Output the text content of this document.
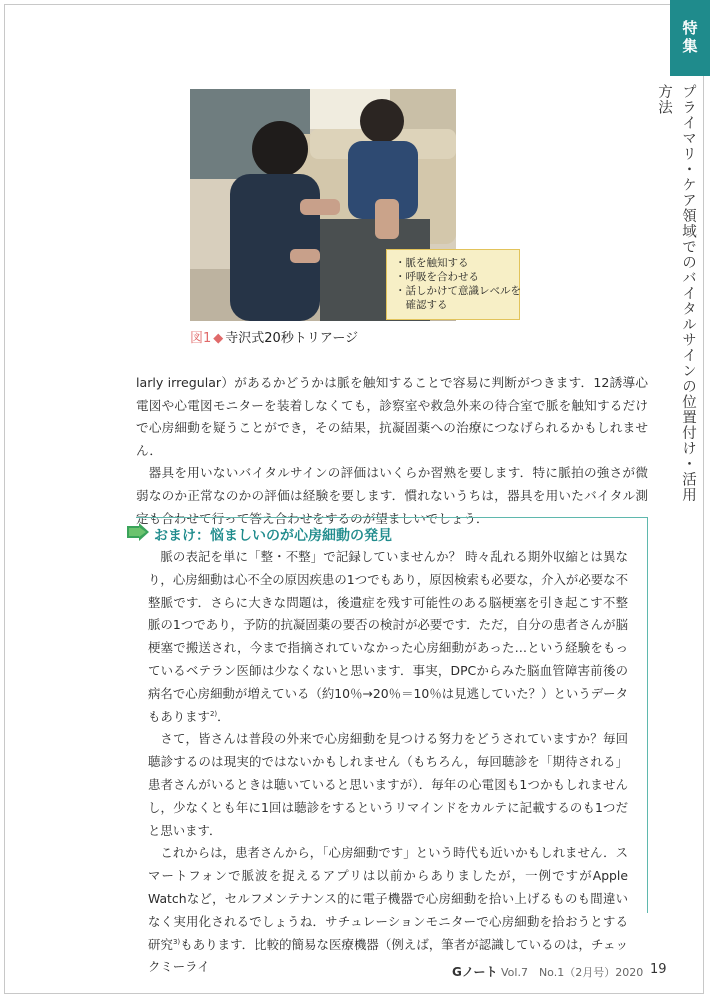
特集
プライマリ・ケア領域でのバイタルサインの位置付け・活用方法
・脈を触知する
・呼吸を合わせる
・話しかけて意識レベルを
　確認する
図1 ◆ 寺沢式20秒トリアージ

larly irregular）があるかどうかは脈を触知することで容易に判断がつきます．12誘導心電図や心電図モニターを装着しなくても，診察室や救急外来の待合室で脈を触知するだけで心房細動を疑うことができ，その結果，抗凝固薬への治療につなげられるかもしれません．

器具を用いないバイタルサインの評価はいくらか習熟を要します．特に脈拍の強さが微弱なのか正常なのかの評価は経験を要します．慣れないうちは，器具を用いたバイタル測定も合わせて行って答え合わせをするのが望ましいでしょう．

おまけ：悩ましいのが心房細動の発見

脈の表記を単に「整・不整」で記録していませんか？ 時々乱れる期外収縮とは異なり，心房細動は心不全の原因疾患の1つでもあり，原因検索も必要な，介入が必要な不整脈です．さらに大きな問題は，後遺症を残す可能性のある脳梗塞を引き起こす不整脈の1つであり，予防的抗凝固薬の要否の検討が必要です．ただ，自分の患者さんが脳梗塞で搬送され，今まで指摘されていなかった心房細動があった…という経験をもっているベテラン医師は少なくないと思います．事実，DPCからみた脳血管障害前後の病名で心房細動が増えている（約10％→20％＝10％は見逃していた？）というデータもあります$^{2)}$．

さて，皆さんは普段の外来で心房細動を見つける努力をどうされていますか？毎回聴診するのは現実的ではないかもしれません（もちろん，毎回聴診を「期待される」患者さんがいるときは聴いていると思いますが）．毎年の心電図も1つかもしれませんし，少なくとも年に1回は聴診をするというリマインドをカルテに記載するのも1つだと思います．

これからは，患者さんから，「心房細動です」という時代も近いかもしれません．スマートフォンで脈波を捉えるアプリは以前からありましたが，一例ですがApple Watchなど，セルフメンテナンス的に電子機器で心房細動を拾い上げるものも間違いなく実用化されるでしょうね．サチュレーションモニターで心房細動を拾おうとする研究$^{3)}$もあります．比較的簡易な医療機器（例えば，筆者が認識しているのは，チェックミーライ	Gノート Vol.7　No.1（2月号）2020 19
